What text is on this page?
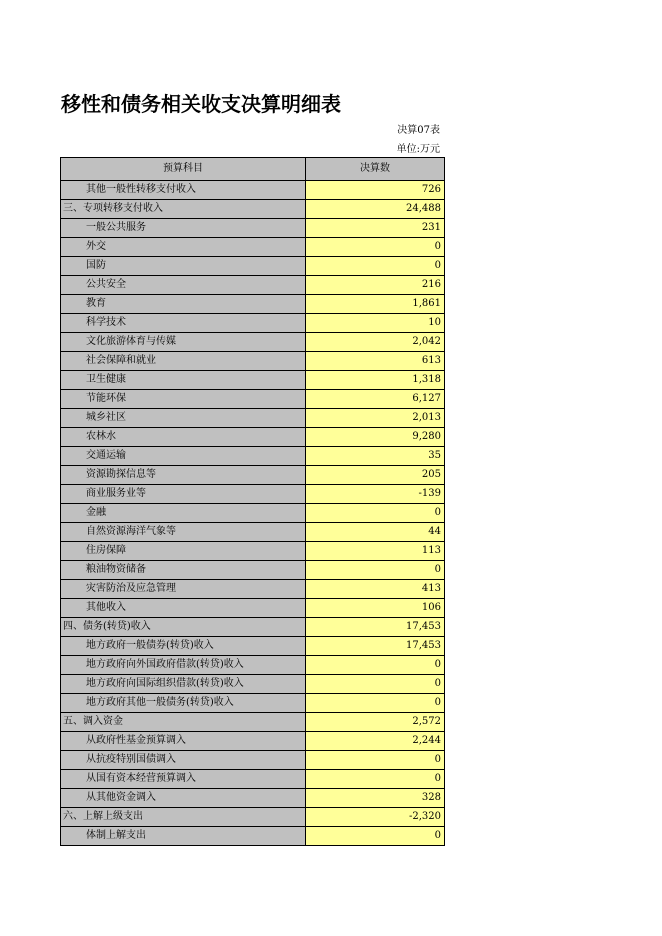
移性和债务相关收支决算明细表
决算07表
单位:万元
预算科目	决算数
其他一般性转移支付收入	726
三、专项转移支付收入	24,488
一般公共服务	231
外交	0
国防	0
公共安全	216
教育	1,861
科学技术	10
文化旅游体育与传媒	2,042
社会保障和就业	613
卫生健康	1,318
节能环保	6,127
城乡社区	2,013
农林水	9,280
交通运输	35
资源勘探信息等	205
商业服务业等	-139
金融	0
自然资源海洋气象等	44
住房保障	113
粮油物资储备	0
灾害防治及应急管理	413
其他收入	106
四、债务(转贷)收入	17,453
地方政府一般债券(转贷)收入	17,453
地方政府向外国政府借款(转贷)收入	0
地方政府向国际组织借款(转贷)收入	0
地方政府其他一般债务(转贷)收入	0
五、调入资金	2,572
从政府性基金预算调入	2,244
从抗疫特别国债调入	0
从国有资本经营预算调入	0
从其他资金调入	328
六、上解上级支出	-2,320
体制上解支出	0
